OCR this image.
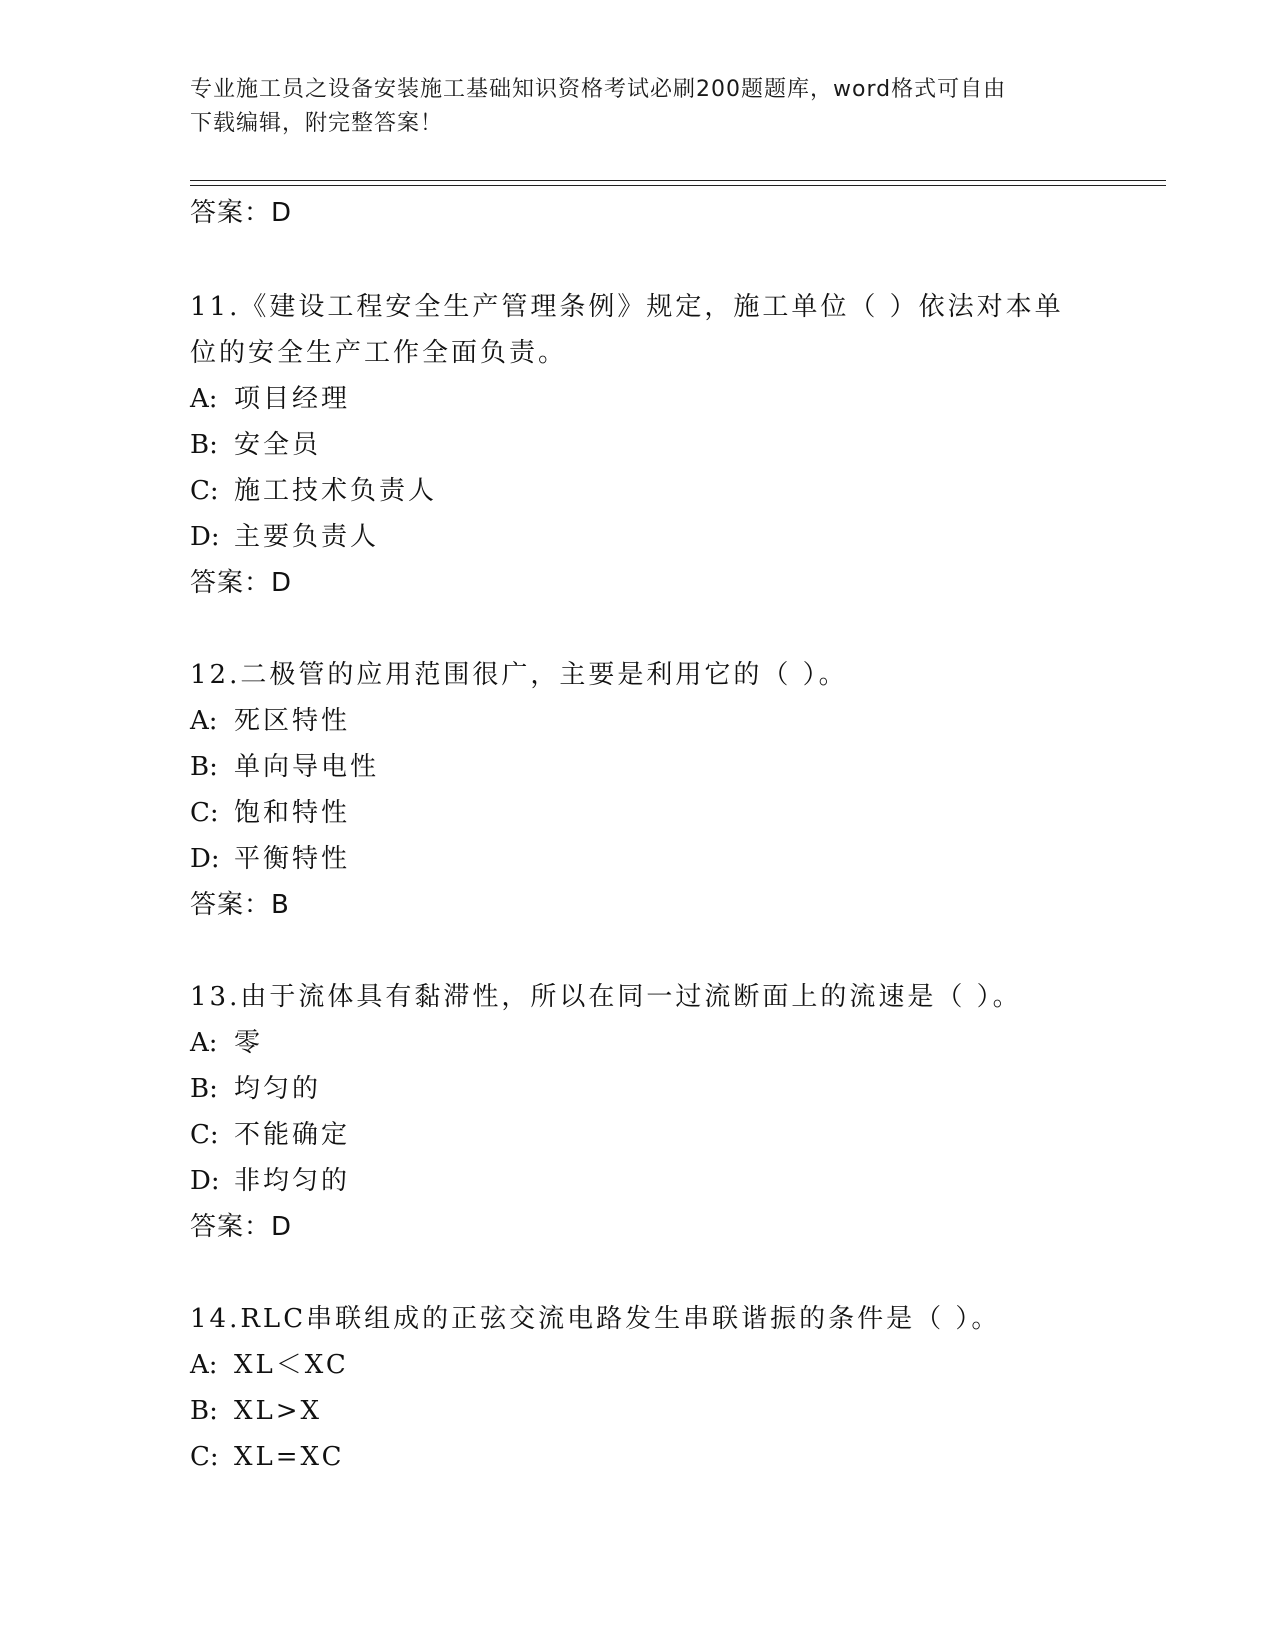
专业施工员之设备安装施工基础知识资格考试必刷200题题库，word格式可自由
下载编辑，附完整答案！
答案：D
11.《建设工程安全生产管理条例》规定，施工单位（ ）依法对本单位的安全生产工作全面负责。
A: 项目经理
B: 安全员
C: 施工技术负责人
D: 主要负责人
答案：D
12.二极管的应用范围很广，主要是利用它的（ ）。
A: 死区特性
B: 单向导电性
C: 饱和特性
D: 平衡特性
答案：B
13.由于流体具有黏滞性，所以在同一过流断面上的流速是（ ）。
A: 零
B: 均匀的
C: 不能确定
D: 非均匀的
答案：D
14.RLC串联组成的正弦交流电路发生串联谐振的条件是（ ）。
A: XL＜XC
B: XL>X
C: XL=XC
